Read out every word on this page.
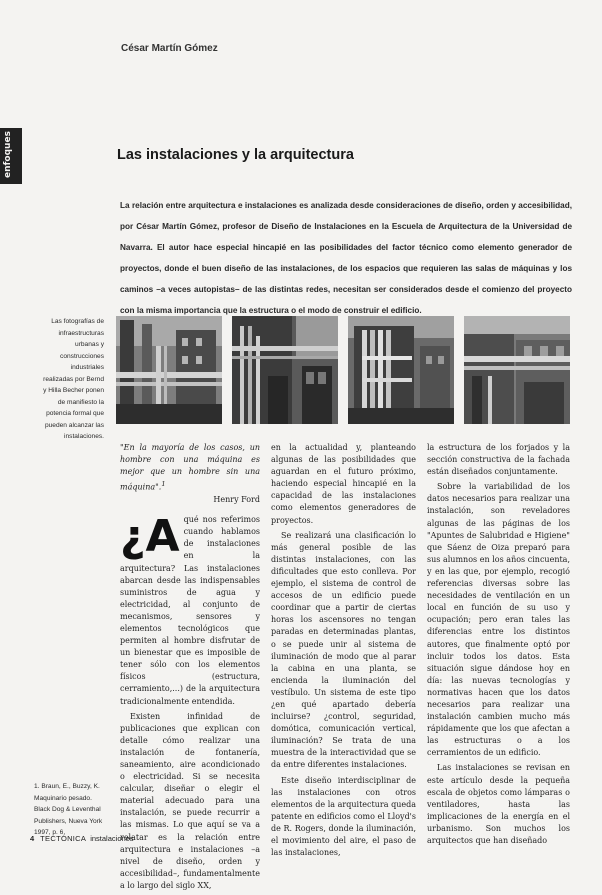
enfoques
César Martín Gómez
Las instalaciones y la arquitectura

La relación entre arquitectura e instalaciones es analizada desde consideraciones de diseño, orden y accesibilidad, por César Martín Gómez, profesor de Diseño de Instalaciones en la Escuela de Arquitectura de la Universidad de Navarra. El autor hace especial hincapié en las posibilidades del factor técnico como elemento generador de proyectos, donde el buen diseño de las instalaciones, de los espacios que requieren las salas de máquinas y los caminos –a veces autopistas– de las distintas redes, necesitan ser considerados desde el comienzo del proyecto con la misma importancia que la estructura o el modo de construir el edificio.

Las fotografías de infraestructuras urbanas y construcciones industriales realizadas por Bernd y Hilla Becher ponen de manifiesto la potencia formal que pueden alcanzar las instalaciones.

"En la mayoría de los casos, un hombre con una máquina es mejor que un hombre sin una máquina".$^1$

Henry Ford

¿A qué nos referimos cuando hablamos de instalaciones en la arquitectura? Las instalaciones abarcan desde las indispensables suministros de agua y electricidad, al conjunto de mecanismos, sensores y elementos tecnológicos que permiten al hombre disfrutar de un bienestar que es imposible de tener sólo con los elementos físicos (estructura, cerramiento,...) de la arquitectura tradicionalmente entendida.

Existen infinidad de publicaciones que explican con detalle cómo realizar una instalación de fontanería, saneamiento, aire acondicionado o electricidad. Si se necesita calcular, diseñar o elegir el material adecuado para una instalación, se puede recurrir a las mismas. Lo que aquí se va a relatar es la relación entre arquitectura e instalaciones –a nivel de diseño, orden y accesibilidad–, fundamentalmente a lo largo del siglo XX,

en la actualidad y, planteando algunas de las posibilidades que aguardan en el futuro próximo, haciendo especial hincapié en la capacidad de las instalaciones como elementos generadores de proyectos.

Se realizará una clasificación lo más general posible de las distintas instalaciones, con las dificultades que esto conlleva. Por ejemplo, el sistema de control de accesos de un edificio puede coordinar que a partir de ciertas horas los ascensores no tengan paradas en determinadas plantas, o se puede unir al sistema de iluminación de modo que al parar la cabina en una planta, se encienda la iluminación del vestíbulo. Un sistema de este tipo ¿en qué apartado debería incluirse? ¿control, seguridad, domótica, comunicación vertical, iluminación? Se trata de una muestra de la interactividad que se da entre diferentes instalaciones.

Este diseño interdisciplinar de las instalaciones con otros elementos de la arquitectura queda patente en edificios como el Lloyd's de R. Rogers, donde la iluminación, el movimiento del aire, el paso de las instalaciones,

la estructura de los forjados y la sección constructiva de la fachada están diseñados conjuntamente.

Sobre la variabilidad de los datos necesarios para realizar una instalación, son reveladores algunas de las páginas de los "Apuntes de Salubridad e Higiene" que Sáenz de Oiza preparó para sus alumnos en los años cincuenta, y en las que, por ejemplo, recogió referencias diversas sobre las necesidades de ventilación en un local en función de su uso y ocupación; pero eran tales las diferencias entre los distintos autores, que finalmente optó por incluir todos los datos. Esta situación sigue dándose hoy en día: las nuevas tecnologías y normativas hacen que los datos necesarios para realizar una instalación cambien mucho más rápidamente que los que afectan a las estructuras o a los cerramientos de un edificio.

Las instalaciones se revisan en este artículo desde la pequeña escala de objetos como lámparas o ventiladores, hasta las implicaciones de la energía en el urbanismo. Son muchos los arquitectos que han diseñado

1. Braun, E., Buzzy, K. Maquinario pesado. Black Dog & Leventhal Publishers, Nueva York 1997, p. 6.
4 TECTÓNICA instalaciones
